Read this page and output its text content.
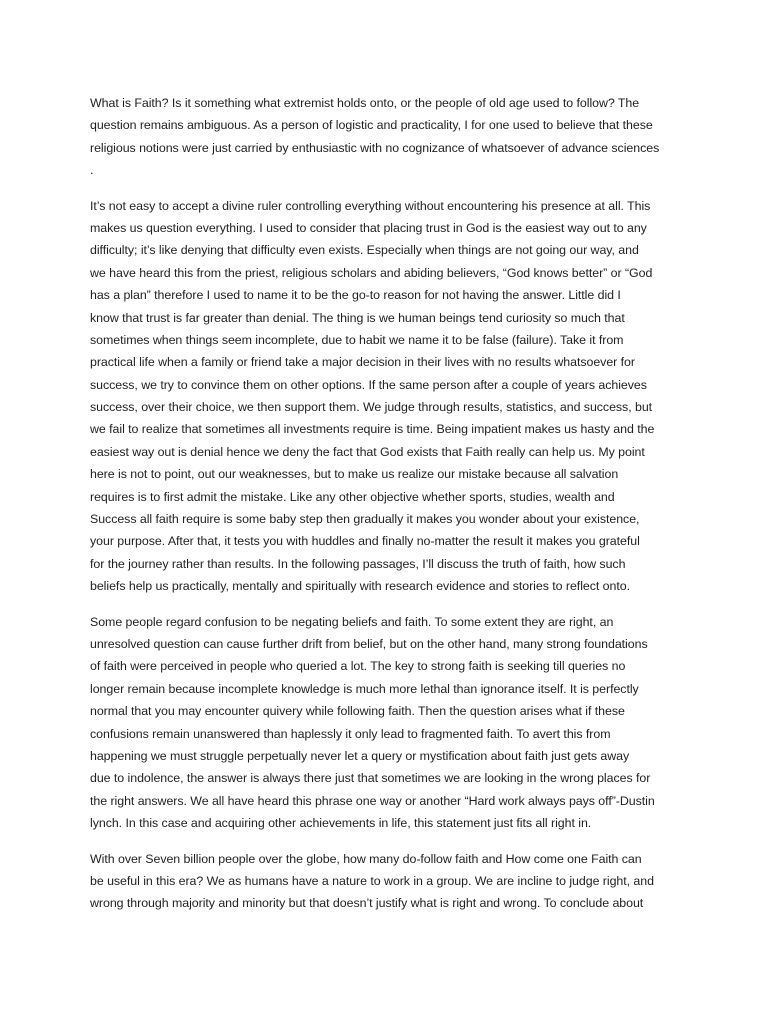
What is Faith? Is it something what extremist holds onto, or the people of old age used to follow? The
question remains ambiguous. As a person of logistic and practicality, I for one used to believe that these
religious notions were just carried by enthusiastic with no cognizance of whatsoever of advance sciences
.
It’s not easy to accept a divine ruler controlling everything without encountering his presence at all. This
makes us question everything. I used to consider that placing trust in God is the easiest way out to any
difficulty; it’s like denying that difficulty even exists. Especially when things are not going our way, and
we have heard this from the priest, religious scholars and abiding believers, “God knows better” or “God
has a plan” therefore I used to name it to be the go-to reason for not having the answer. Little did I
know that trust is far greater than denial. The thing is we human beings tend curiosity so much that
sometimes when things seem incomplete, due to habit we name it to be false (failure). Take it from
practical life when a family or friend take a major decision in their lives with no results whatsoever for
success, we try to convince them on other options. If the same person after a couple of years achieves
success, over their choice, we then support them. We judge through results, statistics, and success, but
we fail to realize that sometimes all investments require is time. Being impatient makes us hasty and the
easiest way out is denial hence we deny the fact that God exists that Faith really can help us. My point
here is not to point, out our weaknesses, but to make us realize our mistake because all salvation
requires is to first admit the mistake. Like any other objective whether sports, studies, wealth and
Success all faith require is some baby step then gradually it makes you wonder about your existence,
your purpose. After that, it tests you with huddles and finally no-matter the result it makes you grateful
for the journey rather than results. In the following passages, I’ll discuss the truth of faith, how such
beliefs help us practically, mentally and spiritually with research evidence and stories to reflect onto.
Some people regard confusion to be negating beliefs and faith. To some extent they are right, an
unresolved question can cause further drift from belief, but on the other hand, many strong foundations
of faith were perceived in people who queried a lot. The key to strong faith is seeking till queries no
longer remain because incomplete knowledge is much more lethal than ignorance itself. It is perfectly
normal that you may encounter quivery while following faith. Then the question arises what if these
confusions remain unanswered than haplessly it only lead to fragmented faith. To avert this from
happening we must struggle perpetually never let a query or mystification about faith just gets away
due to indolence, the answer is always there just that sometimes we are looking in the wrong places for
the right answers. We all have heard this phrase one way or another “Hard work always pays off”-Dustin
lynch. In this case and acquiring other achievements in life, this statement just fits all right in.
With over Seven billion people over the globe, how many do-follow faith and How come one Faith can
be useful in this era? We as humans have a nature to work in a group. We are incline to judge right, and
wrong through majority and minority but that doesn’t justify what is right and wrong. To conclude about
